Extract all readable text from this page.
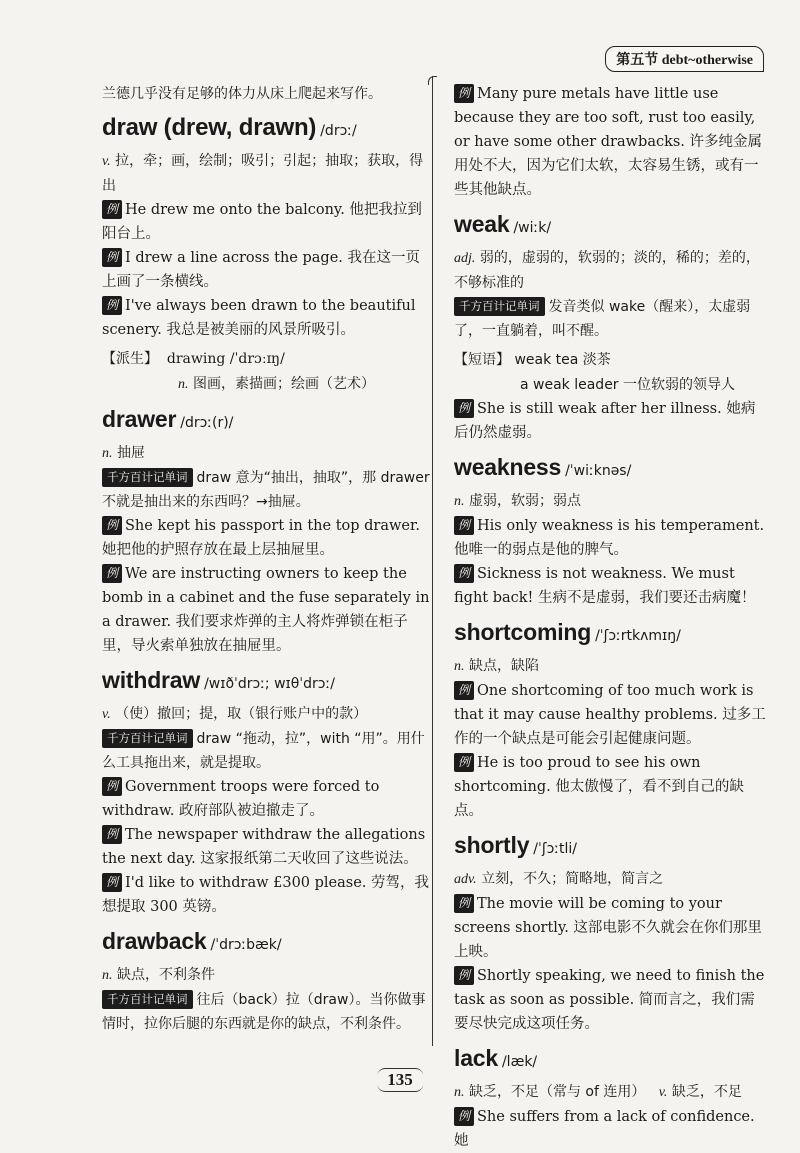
第五节 debt~otherwise

兰德几乎没有足够的体力从床上爬起来写作。

draw (drew, drawn) /drɔː/

v. 拉，牵；画，绘制；吸引；引起；抽取；获取，得出

例 He drew me onto the balcony. 他把我拉到阳台上。

例 I drew a line across the page. 我在这一页上画了一条横线。

例 I've always been drawn to the beautiful scenery. 我总是被美丽的风景所吸引。

【派生】 drawing /ˈdrɔːɪŋ/

n. 图画，素描画；绘画（艺术）

drawer /drɔː(r)/

n. 抽屉

千方百计记单词 draw 意为“抽出，抽取”，那 drawer 不就是抽出来的东西吗？→抽屉。

例 She kept his passport in the top drawer. 她把他的护照存放在最上层抽屉里。

例 We are instructing owners to keep the bomb in a cabinet and the fuse separately in a drawer. 我们要求炸弹的主人将炸弹锁在柜子里，导火索单独放在抽屉里。

withdraw /wɪðˈdrɔː; wɪθˈdrɔː/

v. （使）撤回；提，取（银行账户中的款）

千方百计记单词 draw “拖动，拉”，with “用”。用什么工具拖出来，就是提取。

例 Government troops were forced to withdraw. 政府部队被迫撤走了。

例 The newspaper withdraw the allegations the next day. 这家报纸第二天收回了这些说法。

例 I'd like to withdraw £300 please. 劳驾，我想提取 300 英镑。

drawback /ˈdrɔːbæk/

n. 缺点，不利条件

千方百计记单词 往后（back）拉（draw）。当你做事情时，拉你后腿的东西就是你的缺点，不利条件。

例 Many pure metals have little use because they are too soft, rust too easily, or have some other drawbacks. 许多纯金属用处不大，因为它们太软，太容易生锈，或有一些其他缺点。

weak /wiːk/

adj. 弱的，虚弱的，软弱的；淡的，稀的；差的，不够标准的

千方百计记单词 发音类似 wake（醒来），太虚弱了，一直躺着，叫不醒。

【短语】 weak tea 淡茶

a weak leader 一位软弱的领导人

例 She is still weak after her illness. 她病后仍然虚弱。

weakness /ˈwiːknəs/

n. 虚弱，软弱；弱点

例 His only weakness is his temperament. 他唯一的弱点是他的脾气。

例 Sickness is not weakness. We must fight back! 生病不是虚弱，我们要还击病魔！

shortcoming /ˈʃɔːrtkʌmɪŋ/

n. 缺点，缺陷

例 One shortcoming of too much work is that it may cause healthy problems. 过多工作的一个缺点是可能会引起健康问题。

例 He is too proud to see his own shortcoming. 他太傲慢了，看不到自己的缺点。

shortly /ˈʃɔːtli/

adv. 立刻，不久；简略地，简言之

例 The movie will be coming to your screens shortly. 这部电影不久就会在你们那里上映。

例 Shortly speaking, we need to finish the task as soon as possible. 简而言之，我们需要尽快完成这项任务。

lack /læk/

n. 缺乏，不足（常与 of 连用） v. 缺乏，不足

例 She suffers from a lack of confidence. 她

135
